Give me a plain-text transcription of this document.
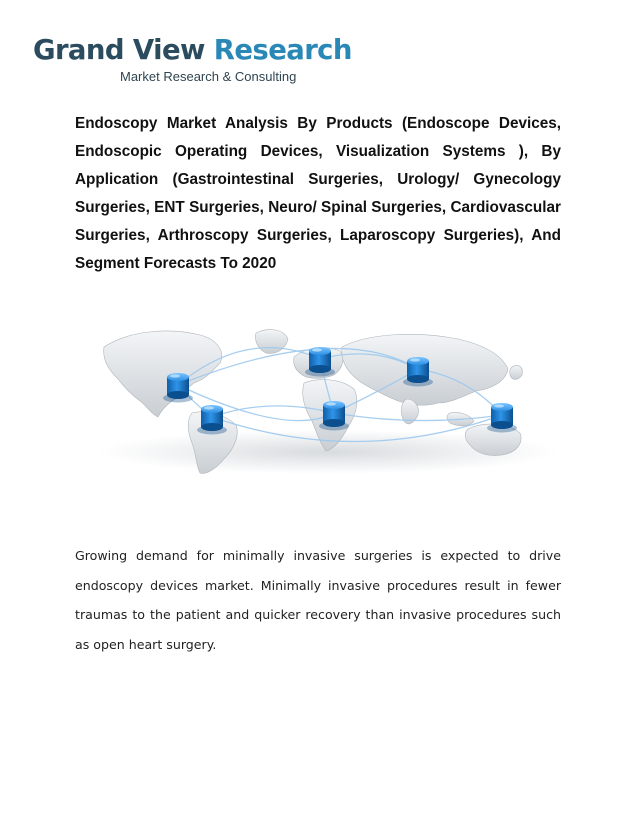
Grand View Research
Market Research & Consulting
Endoscopy Market Analysis By Products (Endoscope Devices, Endoscopic Operating Devices, Visualization Systems ), By Application (Gastrointestinal Surgeries, Urology/ Gynecology Surgeries, ENT Surgeries, Neuro/ Spinal Surgeries, Cardiovascular Surgeries, Arthroscopy Surgeries, Laparoscopy Surgeries), And Segment Forecasts To 2020

Growing demand for minimally invasive surgeries is expected to drive endoscopy devices market. Minimally invasive procedures result in fewer traumas to the patient and quicker recovery than invasive procedures such as open heart surgery.
